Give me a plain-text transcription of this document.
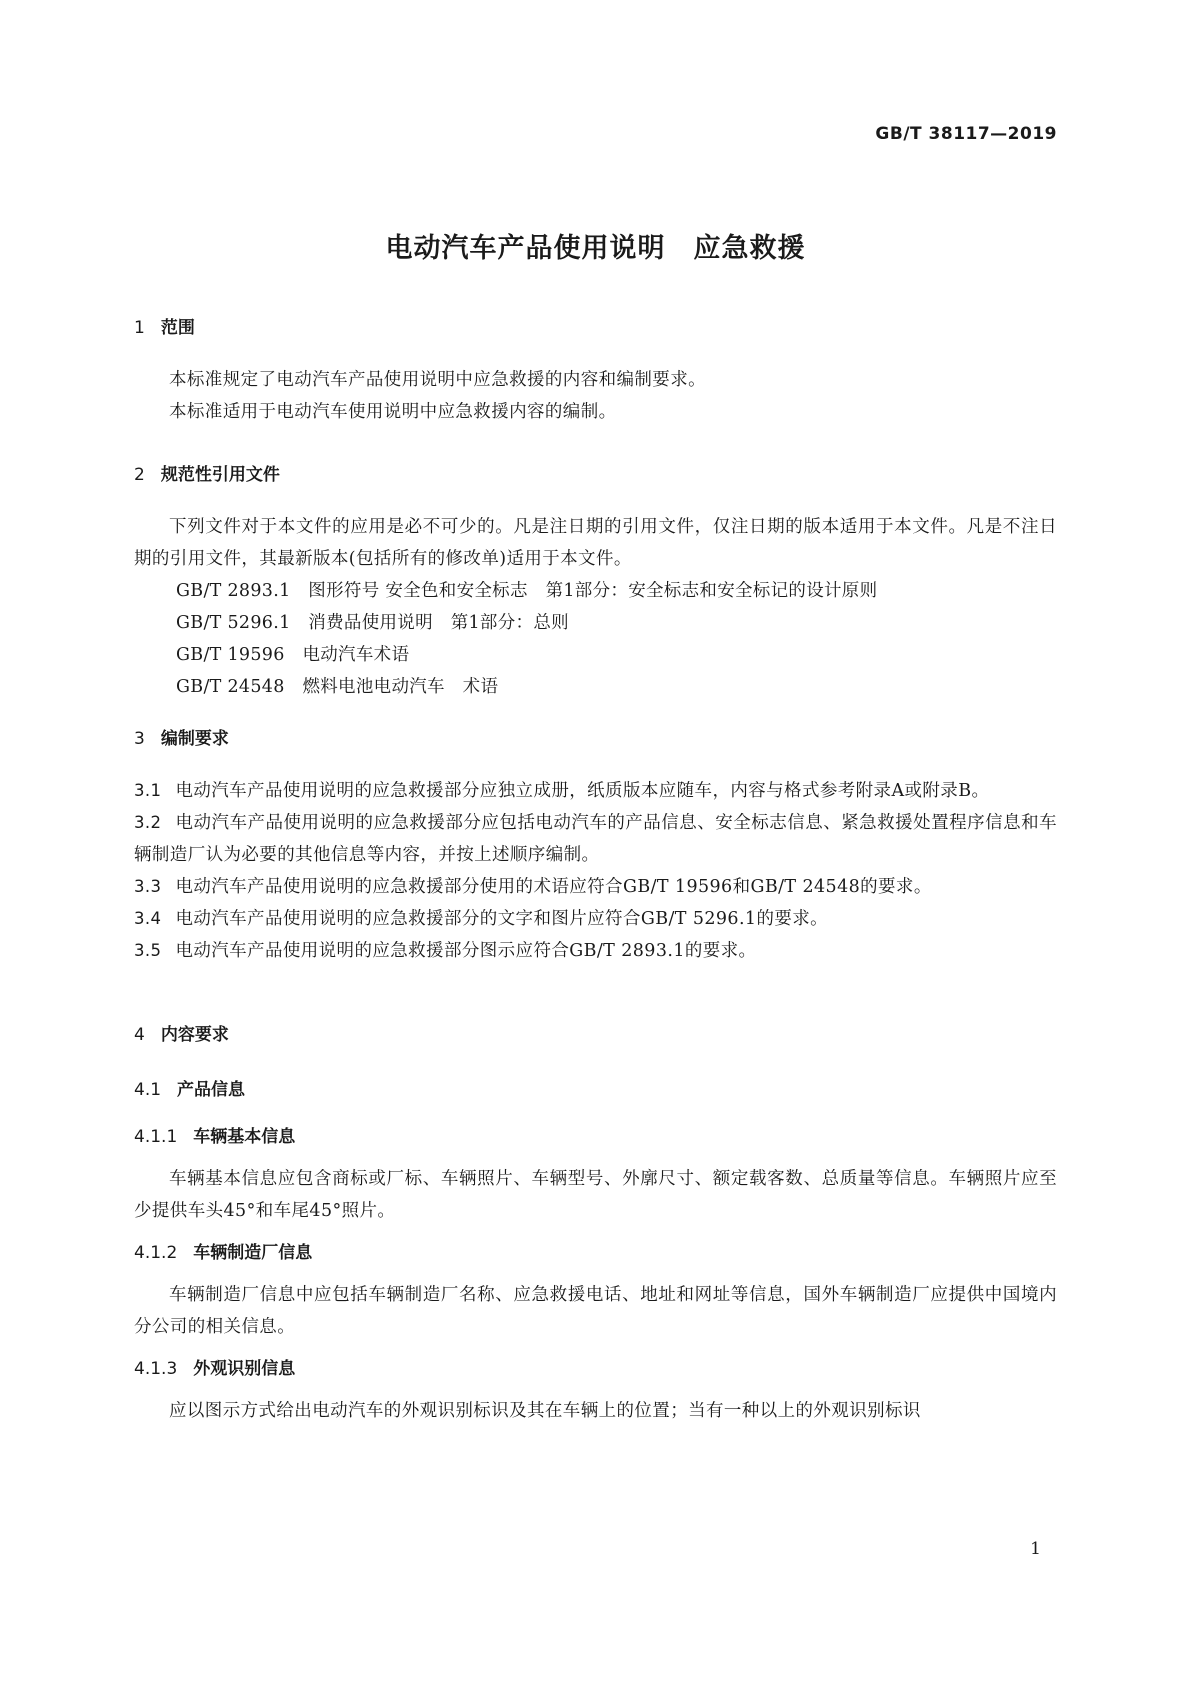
GB/T 38117—2019
电动汽车产品使用说明 应急救援
1 范围
本标准规定了电动汽车产品使用说明中应急救援的内容和编制要求。
本标准适用于电动汽车使用说明中应急救援内容的编制。
2 规范性引用文件
下列文件对于本文件的应用是必不可少的。凡是注日期的引用文件，仅注日期的版本适用于本文件。凡是不注日期的引用文件，其最新版本(包括所有的修改单)适用于本文件。
GB/T 2893.1　图形符号 安全色和安全标志　第1部分：安全标志和安全标记的设计原则
GB/T 5296.1　消费品使用说明　第1部分：总则
GB/T 19596　电动汽车术语
GB/T 24548　燃料电池电动汽车　术语
3 编制要求
3.1 电动汽车产品使用说明的应急救援部分应独立成册，纸质版本应随车，内容与格式参考附录A或附录B。
3.2 电动汽车产品使用说明的应急救援部分应包括电动汽车的产品信息、安全标志信息、紧急救援处置程序信息和车辆制造厂认为必要的其他信息等内容，并按上述顺序编制。
3.3 电动汽车产品使用说明的应急救援部分使用的术语应符合GB/T 19596和GB/T 24548的要求。
3.4 电动汽车产品使用说明的应急救援部分的文字和图片应符合GB/T 5296.1的要求。
3.5 电动汽车产品使用说明的应急救援部分图示应符合GB/T 2893.1的要求。
4 内容要求
4.1 产品信息
4.1.1 车辆基本信息
车辆基本信息应包含商标或厂标、车辆照片、车辆型号、外廓尺寸、额定载客数、总质量等信息。车辆照片应至少提供车头45°和车尾45°照片。
4.1.2 车辆制造厂信息
车辆制造厂信息中应包括车辆制造厂名称、应急救援电话、地址和网址等信息，国外车辆制造厂应提供中国境内分公司的相关信息。
4.1.3 外观识别信息
应以图示方式给出电动汽车的外观识别标识及其在车辆上的位置；当有一种以上的外观识别标识
1
